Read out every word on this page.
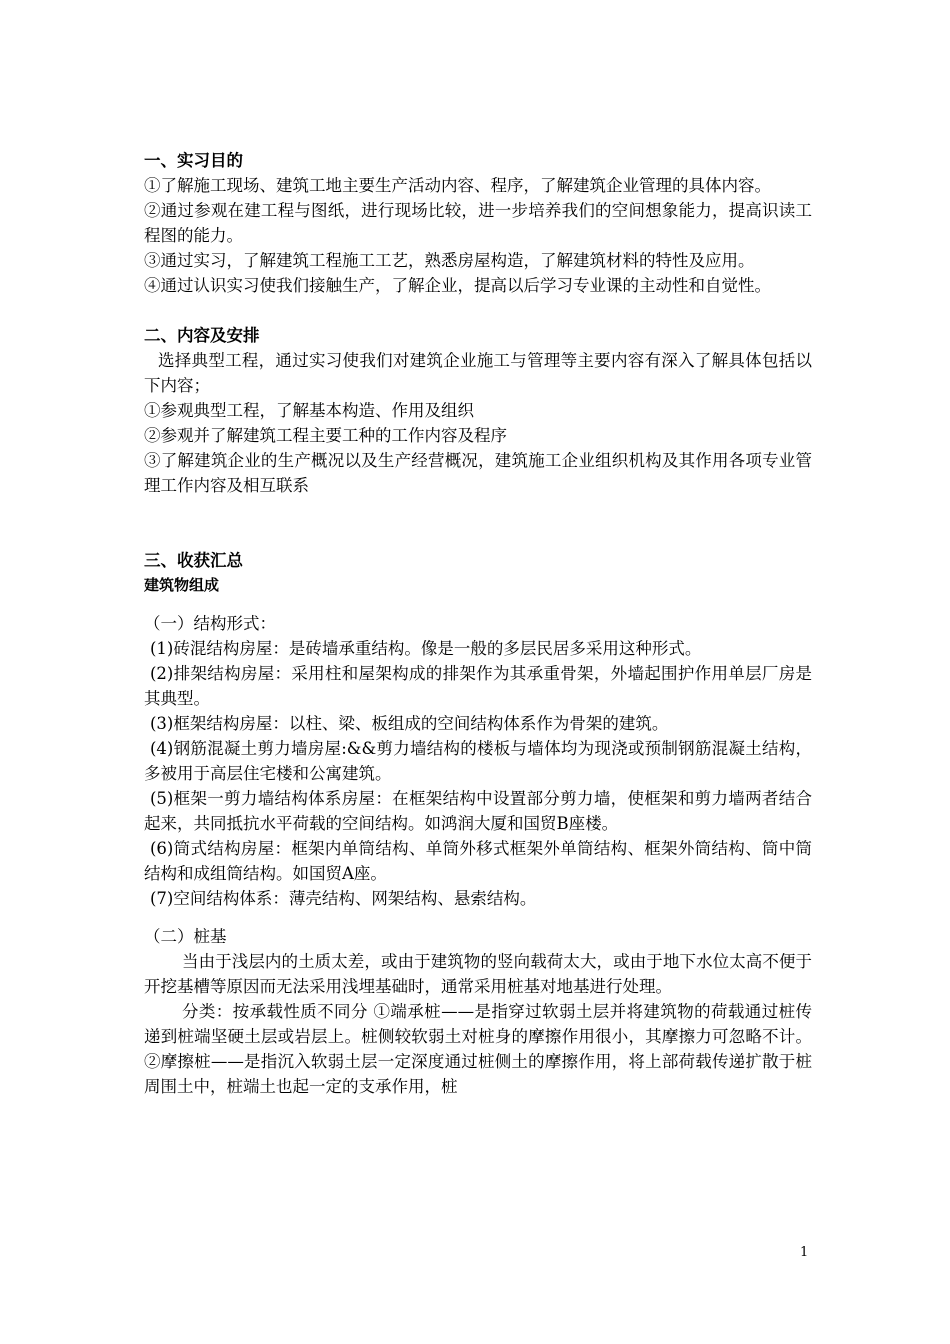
一、实习目的

①了解施工现场、建筑工地主要生产活动内容、程序，了解建筑企业管理的具体内容。

②通过参观在建工程与图纸，进行现场比较，进一步培养我们的空间想象能力，提高识读工程图的能力。

③通过实习，了解建筑工程施工工艺，熟悉房屋构造，了解建筑材料的特性及应用。

④通过认识实习使我们接触生产，了解企业，提高以后学习专业课的主动性和自觉性。

二、内容及安排

选择典型工程，通过实习使我们对建筑企业施工与管理等主要内容有深入了解具体包括以下内容；

①参观典型工程，了解基本构造、作用及组织

②参观并了解建筑工程主要工种的工作内容及程序

③了解建筑企业的生产概况以及生产经营概况，建筑施工企业组织机构及其作用各项专业管理工作内容及相互联系

三、收获汇总

建筑物组成

（一）结构形式：

(1)砖混结构房屋：是砖墙承重结构。像是一般的多层民居多采用这种形式。

(2)排架结构房屋：采用柱和屋架构成的排架作为其承重骨架，外墙起围护作用单层厂房是其典型。

(3)框架结构房屋：以柱、梁、板组成的空间结构体系作为骨架的建筑。

(4)钢筋混凝土剪力墙房屋:&&剪力墙结构的楼板与墙体均为现浇或预制钢筋混凝土结构，多被用于高层住宅楼和公寓建筑。

(5)框架一剪力墙结构体系房屋：在框架结构中设置部分剪力墙，使框架和剪力墙两者结合起来，共同抵抗水平荷载的空间结构。如鸿润大厦和国贸B座楼。

(6)筒式结构房屋：框架内单筒结构、单筒外移式框架外单筒结构、框架外筒结构、筒中筒结构和成组筒结构。如国贸A座。

(7)空间结构体系：薄壳结构、网架结构、悬索结构。

（二）桩基

当由于浅层内的土质太差，或由于建筑物的竖向载荷太大，或由于地下水位太高不便于开挖基槽等原因而无法采用浅埋基础时，通常采用桩基对地基进行处理。

分类：按承载性质不同分 ①端承桩——是指穿过软弱土层并将建筑物的荷载通过桩传递到桩端坚硬土层或岩层上。桩侧较软弱土对桩身的摩擦作用很小，其摩擦力可忽略不计。 ②摩擦桩——是指沉入软弱土层一定深度通过桩侧土的摩擦作用，将上部荷载传递扩散于桩周围土中，桩端土也起一定的支承作用，桩

1
